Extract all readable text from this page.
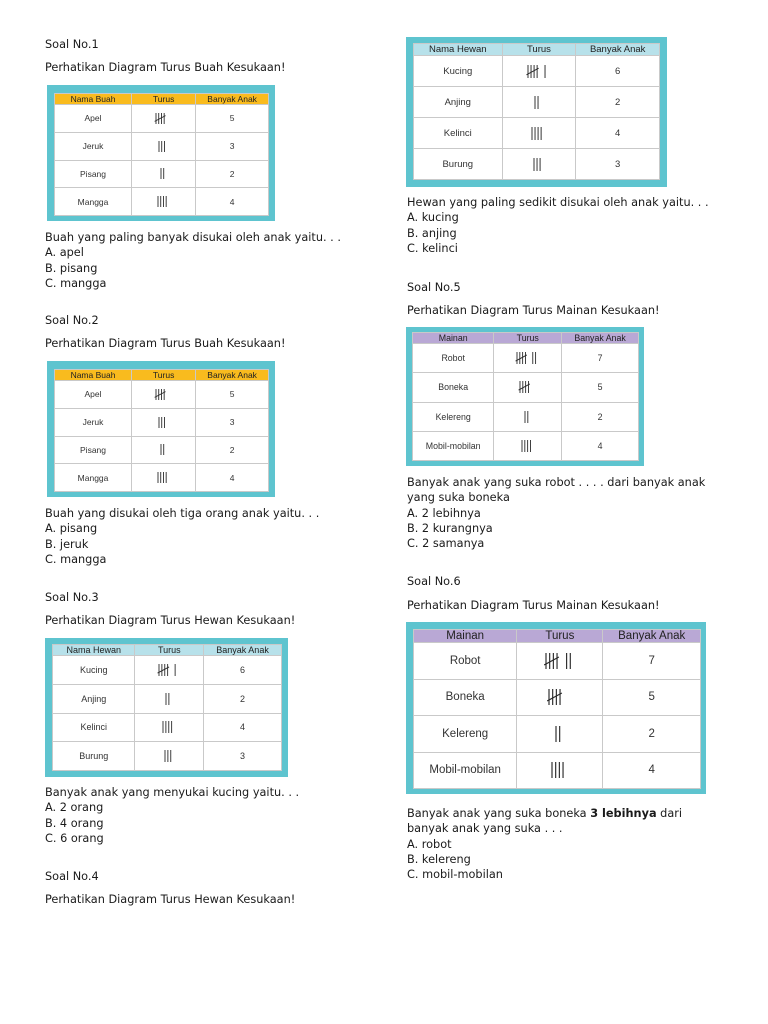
Soal No.1
Perhatikan Diagram Turus Buah Kesukaan!
Nama Buah	Turus	Banyak Anak
Apel		5
Jeruk		3
Pisang		2
Mangga		4
Buah yang paling banyak disukai oleh anak yaitu. . .
A. apel
B. pisang
C. mangga
Soal No.2
Perhatikan Diagram Turus Buah Kesukaan!
Nama Buah	Turus	Banyak Anak
Apel		5
Jeruk		3
Pisang		2
Mangga		4
Buah yang disukai oleh tiga orang anak yaitu. . .
A. pisang
B. jeruk
C. mangga
Soal No.3
Perhatikan Diagram Turus Hewan Kesukaan!
Nama Hewan	Turus	Banyak Anak
Kucing		6
Anjing		2
Kelinci		4
Burung		3
Banyak anak yang menyukai kucing yaitu. . .
A. 2 orang
B. 4 orang
C. 6 orang
Soal No.4
Perhatikan Diagram Turus Hewan Kesukaan!
Nama Hewan	Turus	Banyak Anak
Kucing		6
Anjing		2
Kelinci		4
Burung		3
Hewan yang paling sedikit disukai oleh anak yaitu. . .
A. kucing
B. anjing
C. kelinci
Soal No.5
Perhatikan Diagram Turus Mainan Kesukaan!
Mainan	Turus	Banyak Anak
Robot		7
Boneka		5
Kelereng		2
Mobil-mobilan		4
Banyak anak yang suka robot . . . . dari banyak anak yang suka boneka
A. 2 lebihnya
B. 2 kurangnya
C. 2 samanya
Soal No.6
Perhatikan Diagram Turus Mainan Kesukaan!
Mainan	Turus	Banyak Anak
Robot		7
Boneka		5
Kelereng		2
Mobil-mobilan		4
Banyak anak yang suka boneka 3 lebihnya dari banyak anak yang suka . . .
A. robot
B. kelereng
C. mobil-mobilan
